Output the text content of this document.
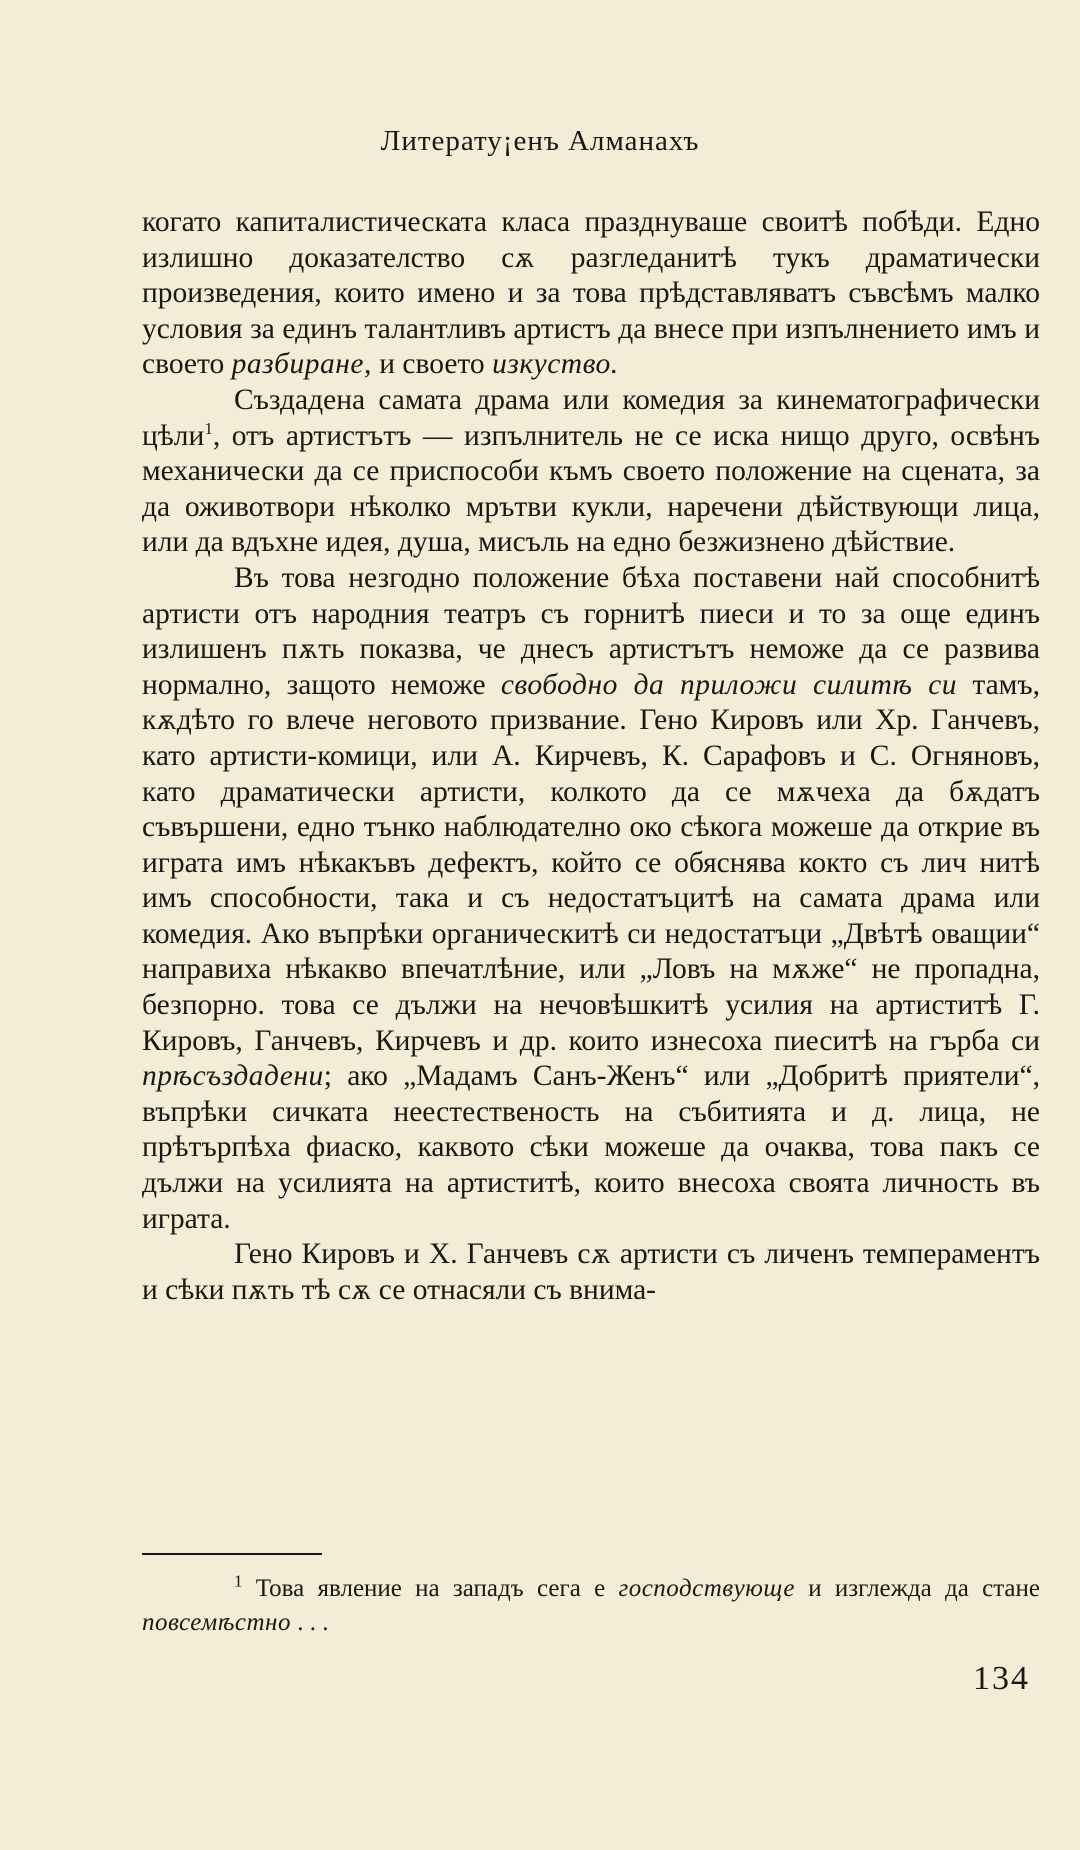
Литерату¡енъ Алманахъ

когато капиталистическата класа празднуваше своитѣ побѣди. Едно излишно доказателство сѫ разгледанитѣ тукъ драматически произведения, които имено и за това прѣдставляватъ съвсѣмъ малко условия за единъ талантливъ артистъ да внесе при изпълнението имъ и своето разбиране, и своето изкуство.

Създадена самата драма или комедия за кинематографически цѣли$^1$, отъ артистътъ — изпълнитель не се иска нищо друго, освѣнъ механически да се приспособи къмъ своето положение на сцената, за да оживотвори нѣколко мрътви кукли, наречени дѣйствующи лица, или да вдъхне идея, душа, мисъль на едно безжизнено дѣйствие.

Въ това незгодно положение бѣха поставени най способнитѣ артисти отъ народния театръ съ горнитѣ пиеси и то за още единъ излишенъ пѫть показва, че днесъ артистътъ неможе да се развива нормално, защото неможе свободно да приложи силитѣ си тамъ, кѫдѣто го влече неговото призвание. Гено Кировъ или Хр. Ганчевъ, като артисти-комици, или А. Кирчевъ, К. Сарафовъ и С. Огняновъ, като драматически артисти, колкото да се мѫчеха да бѫдатъ съвършени, едно тънко наблюдателно око сѣкога можеше да открие въ играта имъ нѣкакъвъ дефектъ, който се обяснява кокто съ лич нитѣ имъ способности, така и съ недостатъцитѣ на самата драма или комедия. Ако въпрѣки органическитѣ си недостатъци „Двѣтѣ оващии“ направиха нѣкакво впечатлѣние, или „Ловъ на мѫже“ не пропадна, безпорно. това се дължи на нечовѣшкитѣ усилия на артиститѣ Г. Кировъ, Ганчевъ, Кирчевъ и др. които изнесоха пиеситѣ на гърба си прѣсъздадени; ако „Мадамъ Санъ-Женъ“ или „Добритѣ приятели“, въпрѣки сичката неестественость на събитията и д. лица, не прѣтърпѣха фиаско, каквото сѣки можеше да очаква, това пакъ се дължи на усилията на артиститѣ, които внесоха своята личность въ играта.

Гено Кировъ и Х. Ганчевъ сѫ артисти съ личенъ темпераментъ и сѣки пѫть тѣ сѫ се отнасяли съ внима-

$^1$ Това явление на западъ сега е господствующе и изглежда да стане повсемѣстно . . .
134
